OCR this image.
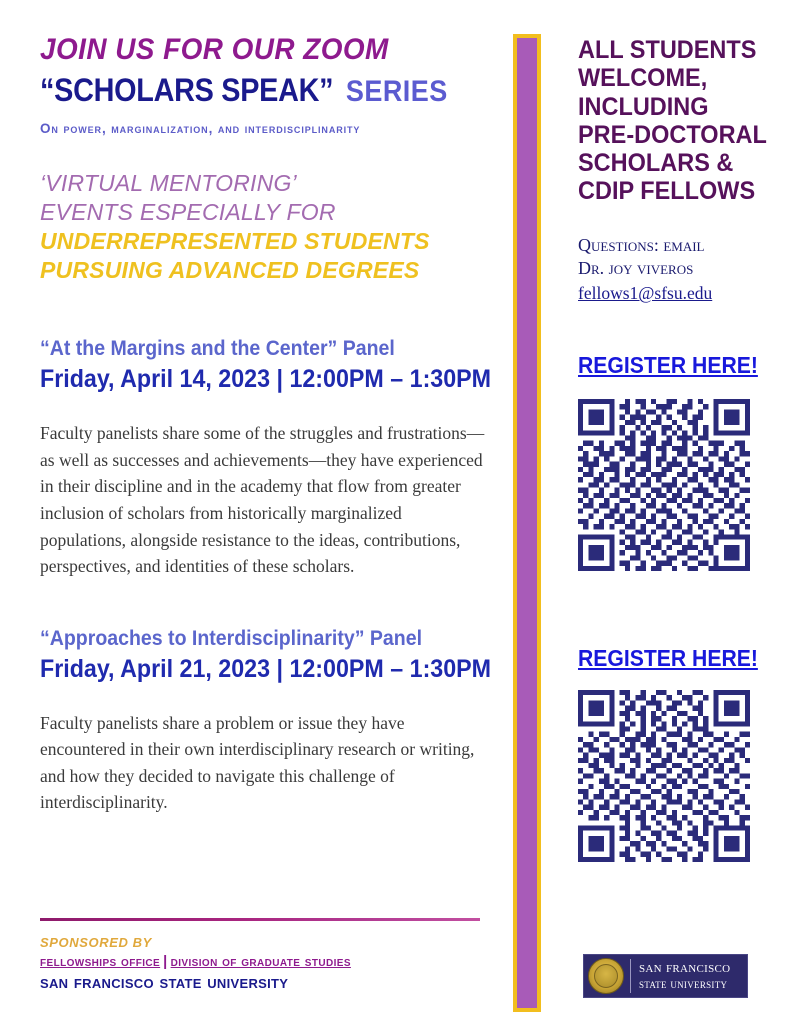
JOIN US FOR OUR ZOOM
“SCHOLARS SPEAK” SERIES
On power, marginalization, and interdisciplinarity
‘VIRTUAL MENTORING’
EVENTS ESPECIALLY FOR
UNDERREPRESENTED STUDENTS
PURSUING ADVANCED DEGREES
“At the Margins and the Center” Panel
Friday, April 14, 2023 | 12:00PM – 1:30PM
Faculty panelists share some of the struggles and frustrations—as well as successes and achievements—they have experienced in their discipline and in the academy that flow from greater inclusion of scholars from historically marginalized populations, alongside resistance to the ideas, contributions, perspectives, and identities of these scholars.
“Approaches to Interdisciplinarity” Panel
Friday, April 21, 2023 | 12:00PM – 1:30PM
Faculty panelists share a problem or issue they have encountered in their own interdisciplinary research or writing, and how they decided to navigate this challenge of interdisciplinarity.
SPONSORED BY
fellowships office | division of graduate studies
san francisco state university
ALL STUDENTS
WELCOME,
INCLUDING
PRE-DOCTORAL
SCHOLARS &
CDIP FELLOWS
Questions: email
Dr. joy viveros
fellows1@sfsu.edu
REGISTER HERE!
REGISTER HERE!
san francisco
state university
